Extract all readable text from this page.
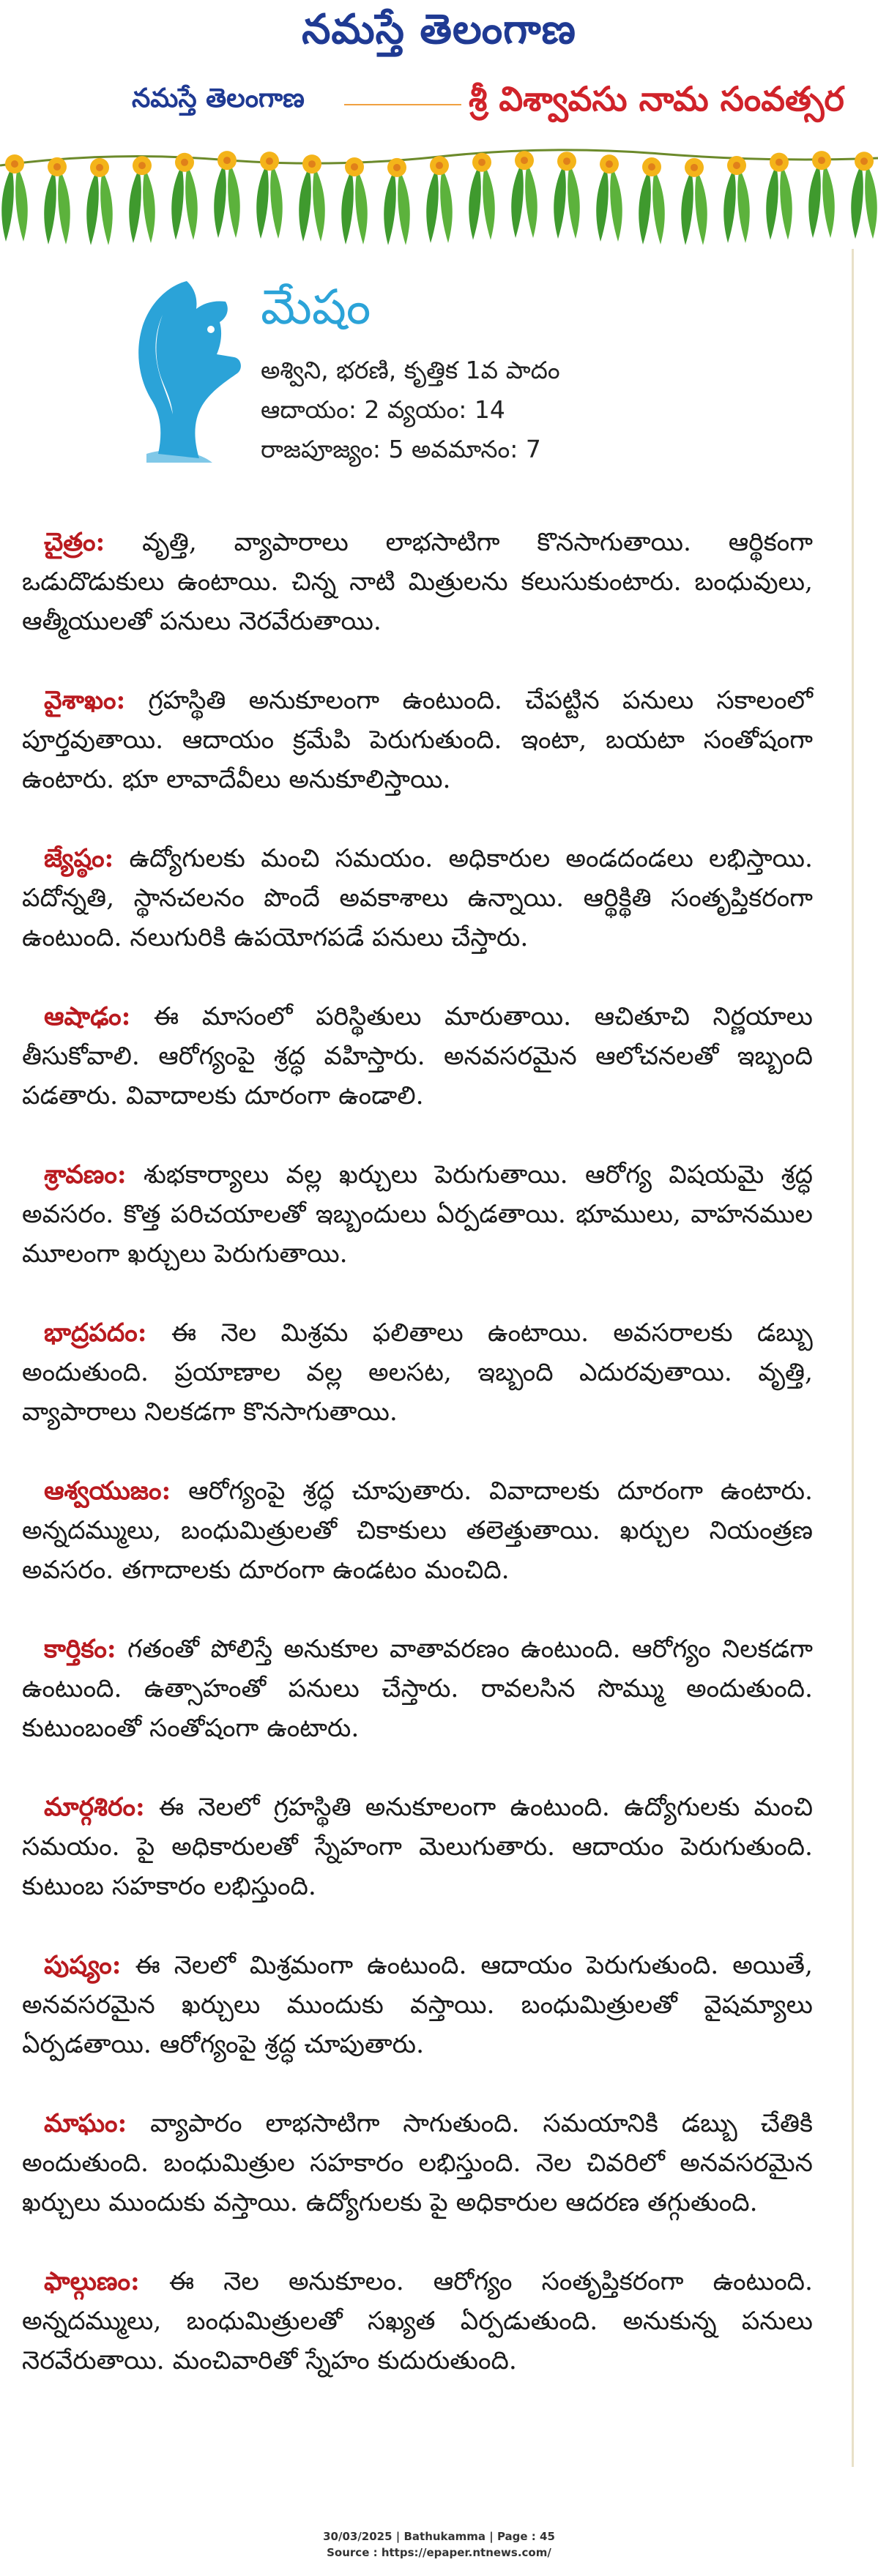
నమస్తే తెలంగాణ
నమస్తే తెలంగాణ	శ్రీ విశ్వావసు నామ సంవత్సర
మేషం
అశ్విని, భరణి, కృత్తిక 1వ పాదం
ఆదాయం: 2 వ్యయం: 14
రాజపూజ్యం: 5 అవమానం: 7

చైత్రం: వృత్తి, వ్యాపారాలు లాభసాటిగా కొనసాగుతాయి. ఆర్థికంగా ఒడుదొడుకులు ఉంటాయి. చిన్న నాటి మిత్రులను కలుసుకుంటారు. బంధువులు, ఆత్మీయులతో పనులు నెరవేరుతాయి.

వైశాఖం: గ్రహస్థితి అనుకూలంగా ఉంటుంది. చేపట్టిన పనులు సకాలంలో పూర్తవుతాయి. ఆదాయం క్రమేపి పెరుగుతుంది. ఇంటా, బయటా సంతోషంగా ఉంటారు. భూ లావాదేవీలు అనుకూలిస్తాయి.

జ్యేష్ఠం: ఉద్యోగులకు మంచి సమయం. అధికారుల అండదండలు లభిస్తాయి. పదోన్నతి, స్థానచలనం పొందే అవకాశాలు ఉన్నాయి. ఆర్థిక్థితి సంతృప్తికరంగా ఉంటుంది. నలుగురికి ఉపయోగపడే పనులు చేస్తారు.

ఆషాఢం: ఈ మాసంలో పరిస్థితులు మారుతాయి. ఆచితూచి నిర్ణయాలు తీసుకోవాలి. ఆరోగ్యంపై శ్రద్ధ వహిస్తారు. అనవసరమైన ఆలోచనలతో ఇబ్బంది పడతారు. వివాదాలకు దూరంగా ఉండాలి.

శ్రావణం: శుభకార్యాలు వల్ల ఖర్చులు పెరుగుతాయి. ఆరోగ్య విషయమై శ్రద్ధ అవసరం. కొత్త పరిచయాలతో ఇబ్బందులు ఏర్పడతాయి. భూములు, వాహనముల మూలంగా ఖర్చులు పెరుగుతాయి.

భాద్రపదం: ఈ నెల మిశ్రమ ఫలితాలు ఉంటాయి. అవసరాలకు డబ్బు అందుతుంది. ప్రయాణాల వల్ల అలసట, ఇబ్బంది ఎదురవుతాయి. వృత్తి, వ్యాపారాలు నిలకడగా కొనసాగుతాయి.

ఆశ్వయుజం: ఆరోగ్యంపై శ్రద్ధ చూపుతారు. వివాదాలకు దూరంగా ఉంటారు. అన్నదమ్ములు, బంధుమిత్రులతో చికాకులు తలెత్తుతాయి. ఖర్చుల నియంత్రణ అవసరం. తగాదాలకు దూరంగా ఉండటం మంచిది.

కార్తికం: గతంతో పోలిస్తే అనుకూల వాతావరణం ఉంటుంది. ఆరోగ్యం నిలకడగా ఉంటుంది. ఉత్సాహంతో పనులు చేస్తారు. రావలసిన సొమ్ము అందుతుంది. కుటుంబంతో సంతోషంగా ఉంటారు.

మార్గశిరం: ఈ నెలలో గ్రహస్థితి అనుకూలంగా ఉంటుంది. ఉద్యోగులకు మంచి సమయం. పై అధికారులతో స్నేహంగా మెలుగుతారు. ఆదాయం పెరుగుతుంది. కుటుంబ సహకారం లభిస్తుంది.

పుష్యం: ఈ నెలలో మిశ్రమంగా ఉంటుంది. ఆదాయం పెరుగుతుంది. అయితే, అనవసరమైన ఖర్చులు ముందుకు వస్తాయి. బంధుమిత్రులతో వైషమ్యాలు ఏర్పడతాయి. ఆరోగ్యంపై శ్రద్ధ చూపుతారు.

మాఘం: వ్యాపారం లాభసాటిగా సాగుతుంది. సమయానికి డబ్బు చేతికి అందుతుంది. బంధుమిత్రుల సహకారం లభిస్తుంది. నెల చివరిలో అనవసరమైన ఖర్చులు ముందుకు వస్తాయి. ఉద్యోగులకు పై అధికారుల ఆదరణ తగ్గుతుంది.

ఫాల్గుణం: ఈ నెల అనుకూలం. ఆరోగ్యం సంతృప్తికరంగా ఉంటుంది. అన్నదమ్ములు, బంధుమిత్రులతో సఖ్యత ఏర్పడుతుంది. అనుకున్న పనులు నెరవేరుతాయి. మంచివారితో స్నేహం కుదురుతుంది.

30/03/2025 | Bathukamma | Page : 45
Source : https://epaper.ntnews.com/
